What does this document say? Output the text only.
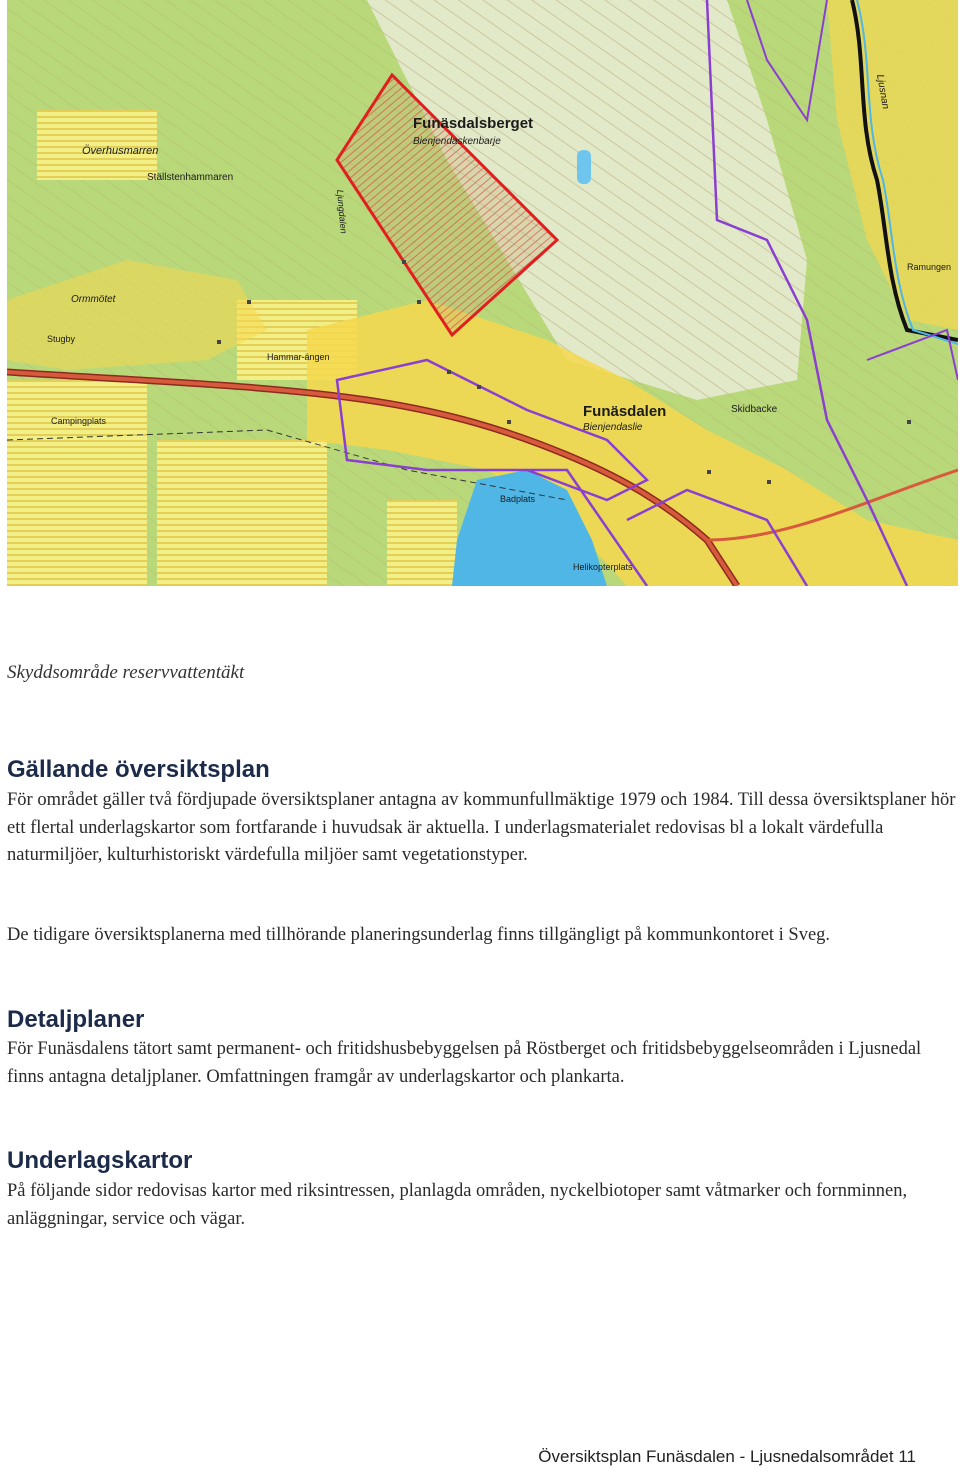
Funäsdalsberget
Bienjendaskenbarje
Överhusmarren
Ställstenhammaren
Ormmötet
Funäsdalen
Bienjendaslie
Skidbacke
Campingplats
Hammar-ängen
Ljusnan
Stugby
Badplats
Helikopterplats
Ramungen
Ljungdalen
Skyddsområde reservvattentäkt
Gällande översiktsplan

För området gäller två fördjupade översiktsplaner antagna av kommunfullmäktige 1979 och 1984. Till dessa översiktsplaner hör ett flertal underlagskartor som fortfarande i huvudsak är aktuella. I underlagsmaterialet redovisas bl a lokalt värdefulla naturmiljöer, kulturhistoriskt värdefulla miljöer samt vegetationstyper.

De tidigare översiktsplanerna med tillhörande planeringsunderlag finns tillgängligt på kommunkontoret i Sveg.

Detaljplaner

För Funäsdalens tätort samt permanent- och fritidshusbebyggelsen på Röstberget och fritidsbebyggelseområden i Ljusnedal finns antagna detaljplaner. Omfattningen framgår av underlagskartor och plankarta.

Underlagskartor

På följande sidor redovisas kartor med riksintressen, planlagda områden, nyckelbiotoper samt våtmarker och fornminnen, anläggningar, service och vägar.

Översiktsplan Funäsdalen - Ljusnedalsområdet 11
